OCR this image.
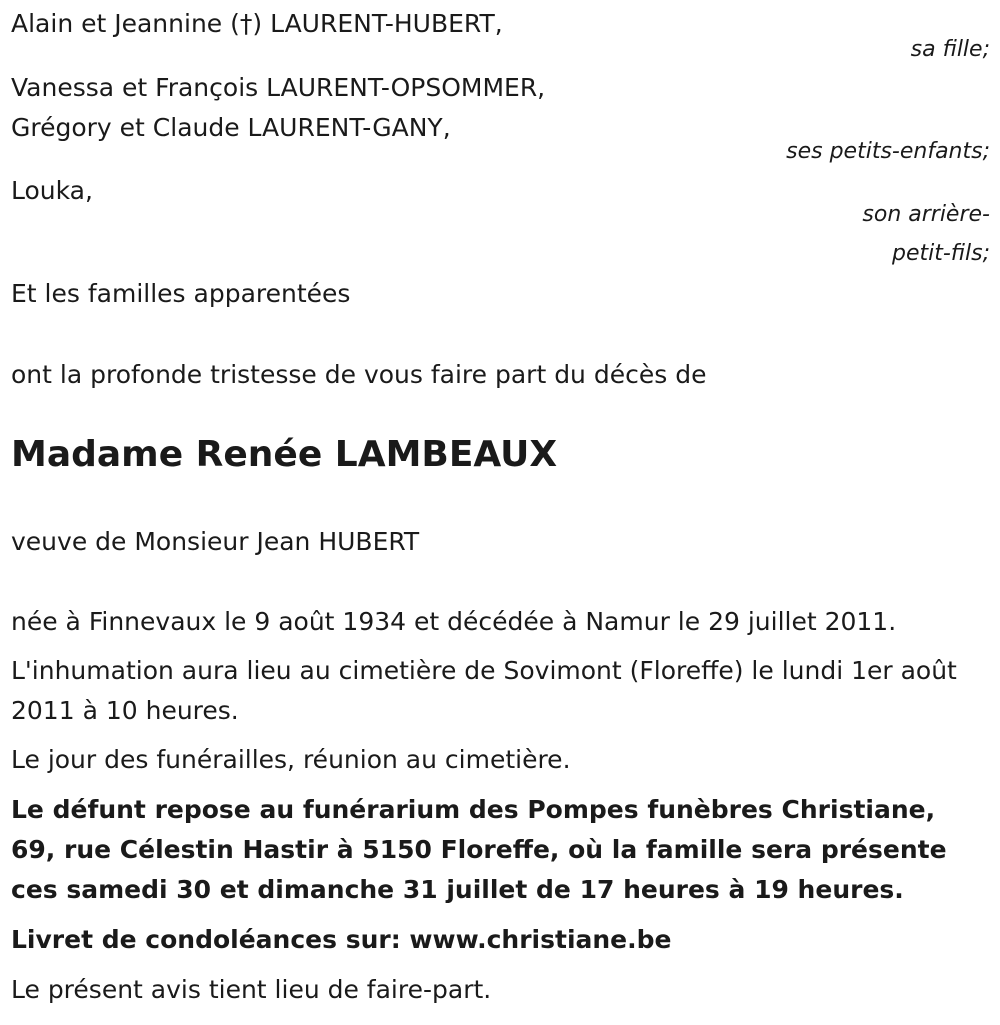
Alain et Jeannine (†) LAURENT-HUBERT,
sa fille;
Vanessa et François LAURENT-OPSOMMER,
Grégory et Claude LAURENT-GANY,
ses petits-enfants;
Louka,
son arrière-
petit-fils;
Et les familles apparentées
ont la profonde tristesse de vous faire part du décès de
Madame Renée LAMBEAUX
veuve de Monsieur Jean HUBERT
née à Finnevaux le 9 août 1934 et décédée à Namur le 29 juillet 2011.
L'inhumation aura lieu au cimetière de Sovimont (Floreffe) le lundi 1er août 2011 à 10 heures.
Le jour des funérailles, réunion au cimetière.
Le défunt repose au funérarium des Pompes funèbres Christiane, 69, rue Célestin Hastir à 5150 Floreffe, où la famille sera présente ces samedi 30 et dimanche 31 juillet de 17 heures à 19 heures.
Livret de condoléances sur: www.christiane.be
Le présent avis tient lieu de faire-part.
